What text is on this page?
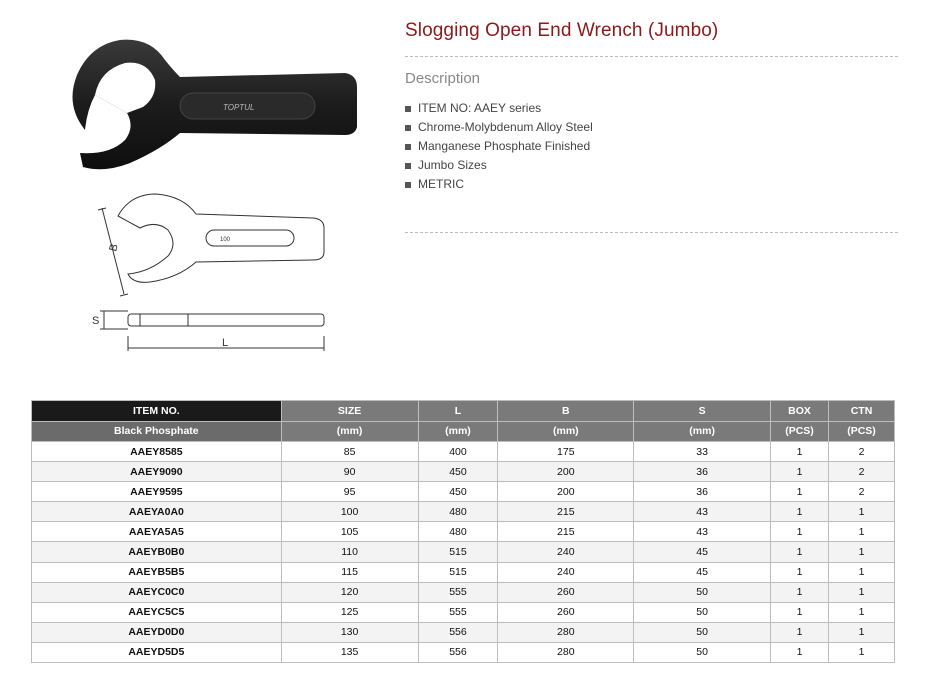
TOPTUL
B
S
L
100
Slogging Open End Wrench (Jumbo)
Description
ITEM NO: AAEY series
Chrome-Molybdenum Alloy Steel
Manganese Phosphate Finished
Jumbo Sizes
METRIC
ITEM NO.	SIZE	L	B	S	BOX	CTN
Black Phosphate	(mm)	(mm)	(mm)	(mm)	(PCS)	(PCS)
AAEY8585	85	400	175	33	1	2
AAEY9090	90	450	200	36	1	2
AAEY9595	95	450	200	36	1	2
AAEYA0A0	100	480	215	43	1	1
AAEYA5A5	105	480	215	43	1	1
AAEYB0B0	110	515	240	45	1	1
AAEYB5B5	115	515	240	45	1	1
AAEYC0C0	120	555	260	50	1	1
AAEYC5C5	125	555	260	50	1	1
AAEYD0D0	130	556	280	50	1	1
AAEYD5D5	135	556	280	50	1	1
